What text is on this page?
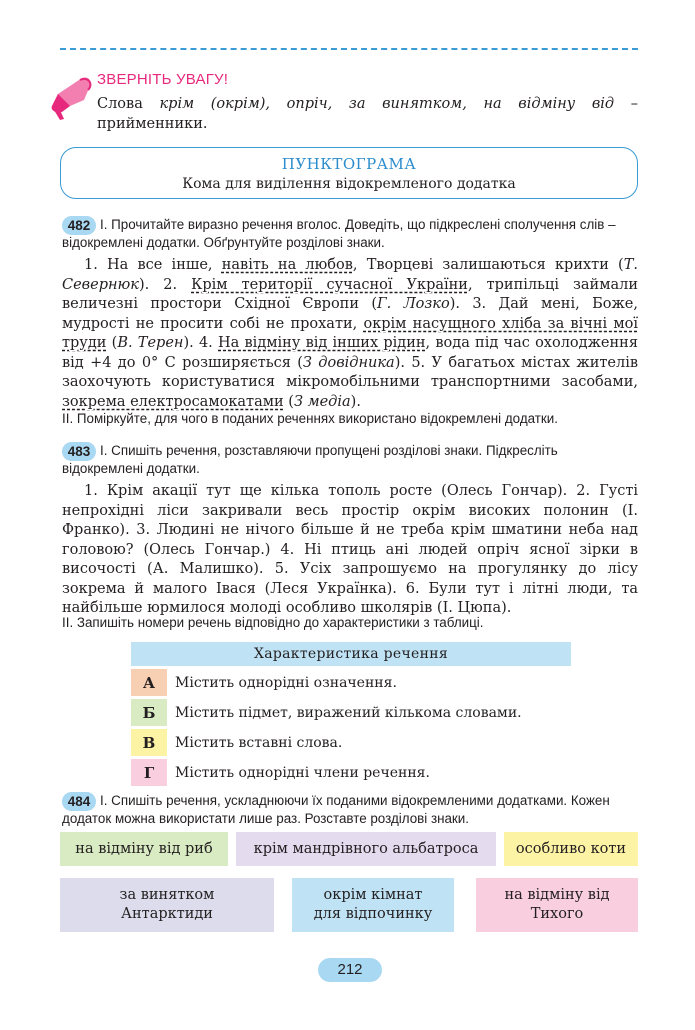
ЗВЕРНІТЬ УВАГУ!
Слова крім (окрім), опріч, за винятком, на відміну від – прийменники.
ПУНКТОГРАМА
Кома для виділення відокремленого додатка
482 І. Прочитайте виразно речення вголос. Доведіть, що підкреслені сполучення слів – відокремлені додатки. Обґрунтуйте розділові знаки.

1. На все інше, навіть на любов, Творцеві залишаються крихти (Т. Севернюк). 2. Крім території сучасної України, трипільці займали величезні простори Східної Європи (Г. Лозко). 3. Дай мені, Боже, мудрості не просити собі не прохати, окрім насущного хліба за вічні мої труди (В. Терен). 4. На відміну від інших рідин, вода під час охолодження від +4 до 0° С розширяється (З довідника). 5. У багатьох містах жителів заохочують користуватися мікромобільними транспортними засобами, зокрема електросамокатами (З медіа).

ІІ. Поміркуйте, для чого в поданих реченнях використано відокремлені додатки.
483 І. Спишіть речення, розставляючи пропущені розділові знаки. Підкресліть відокремлені додатки.

1. Крім акації тут ще кілька тополь росте (Олесь Гончар). 2. Густі непрохідні ліси закривали весь простір окрім високих полонин (І. Франко). 3. Людині не нічого більше й не треба крім шматини неба над головою? (Олесь Гончар.) 4. Ні птиць ані людей опріч ясної зірки в височості (А. Малишко). 5. Усіх запрошуємо на прогулянку до лісу зокрема й малого Івася (Леся Українка). 6. Були тут і літні люди, та найбільше юрмилося молоді особливо школярів (І. Цюпа).

ІІ. Запишіть номери речень відповідно до характеристики з таблиці.
Характеристика речення	

А	Містить однорідні означення.

Б	Містить підмет, виражений кількома словами.

В	Містить вставні слова.

Г	Містить однорідні члени речення.
484 І. Спишіть речення, ускладнюючи їх поданими відокремленими додатками. Кожен додаток можна використати лише раз. Розставте розділові знаки.
на відміну від риб	крім мандрівного альбатроса	особливо коти
за винятком Антарктиди
окрім кімнат для відпочинку
на відміну від Тихого
212
